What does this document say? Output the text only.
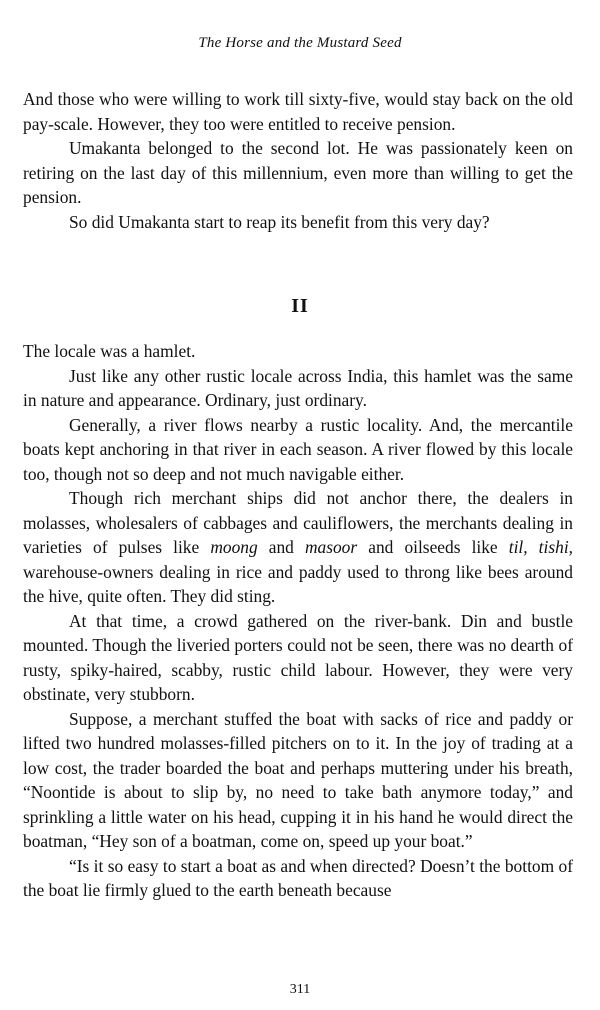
The Horse and the Mustard Seed

And those who were willing to work till sixty-five, would stay back on the old pay-scale. However, they too were entitled to receive pension.

Umakanta belonged to the second lot. He was passionately keen on retiring on the last day of this millennium, even more than willing to get the pension.

So did Umakanta start to reap its benefit from this very day?

II

The locale was a hamlet.

Just like any other rustic locale across India, this hamlet was the same in nature and appearance. Ordinary, just ordinary.

Generally, a river flows nearby a rustic locality. And, the mercantile boats kept anchoring in that river in each season. A river flowed by this locale too, though not so deep and not much navigable either.

Though rich merchant ships did not anchor there, the dealers in molasses, wholesalers of cabbages and cauliflowers, the merchants dealing in varieties of pulses like moong and masoor and oilseeds like til, tishi, warehouse-owners dealing in rice and paddy used to throng like bees around the hive, quite often. They did sting.

At that time, a crowd gathered on the river-bank. Din and bustle mounted. Though the liveried porters could not be seen, there was no dearth of rusty, spiky-haired, scabby, rustic child labour. However, they were very obstinate, very stubborn.

Suppose, a merchant stuffed the boat with sacks of rice and paddy or lifted two hundred molasses-filled pitchers on to it. In the joy of trading at a low cost, the trader boarded the boat and perhaps muttering under his breath, “Noontide is about to slip by, no need to take bath anymore today,” and sprinkling a little water on his head, cupping it in his hand he would direct the boatman, “Hey son of a boatman, come on, speed up your boat.”

“Is it so easy to start a boat as and when directed? Doesn’t the bottom of the boat lie firmly glued to the earth beneath because

311
